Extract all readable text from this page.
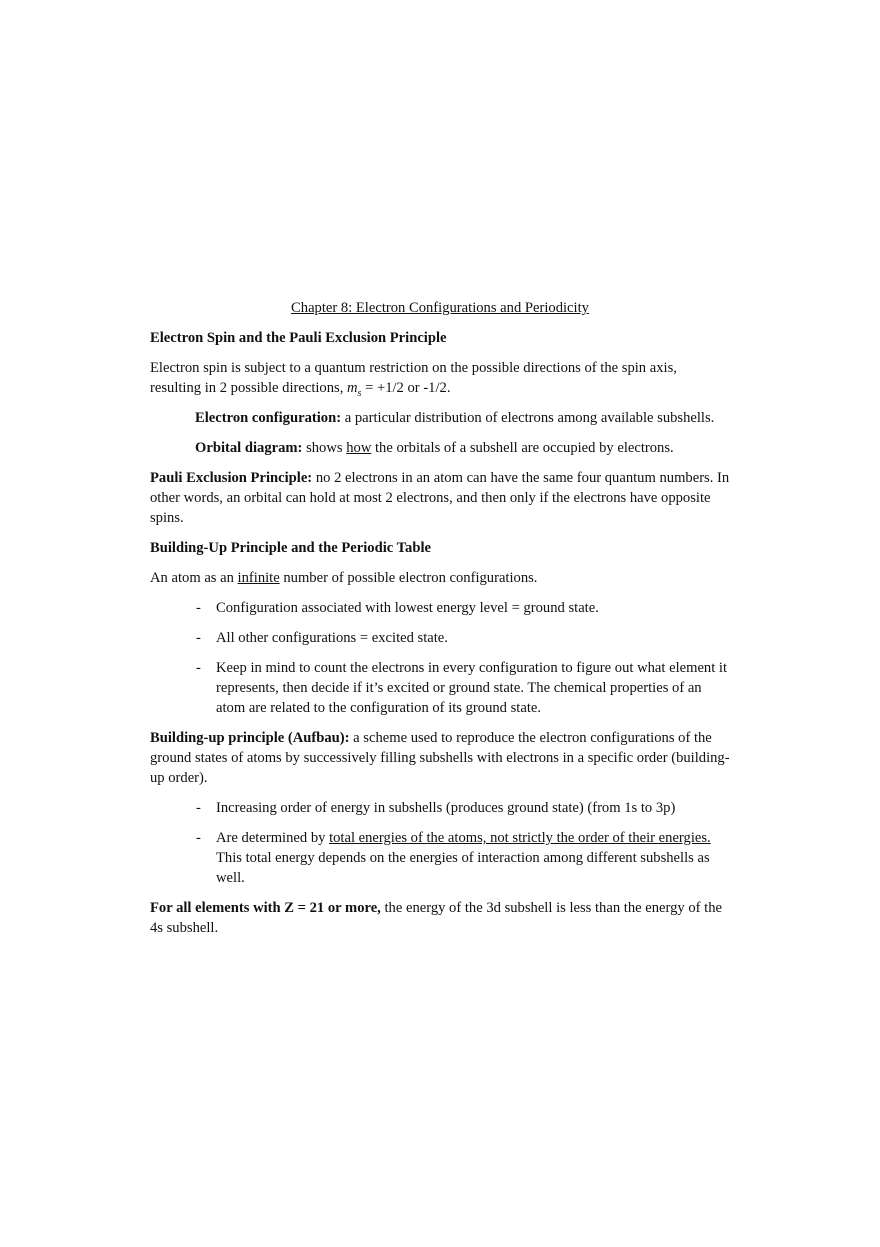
Chapter 8: Electron Configurations and Periodicity
Electron Spin and the Pauli Exclusion Principle

Electron spin is subject to a quantum restriction on the possible directions of the spin axis, resulting in 2 possible directions, $m_s = +1/2$ or -1/2.

Electron configuration: a particular distribution of electrons among available subshells.

Orbital diagram: shows how the orbitals of a subshell are occupied by electrons.

Pauli Exclusion Principle: no 2 electrons in an atom can have the same four quantum numbers. In other words, an orbital can hold at most 2 electrons, and then only if the electrons have opposite spins.

Building-Up Principle and the Periodic Table

An atom as an infinite number of possible electron configurations.

- Configuration associated with lowest energy level = ground state.
- All other configurations = excited state.
- Keep in mind to count the electrons in every configuration to figure out what element it represents, then decide if it’s excited or ground state. The chemical properties of an atom are related to the configuration of its ground state.

Building-up principle (Aufbau): a scheme used to reproduce the electron configurations of the ground states of atoms by successively filling subshells with electrons in a specific order (building-up order).

- Increasing order of energy in subshells (produces ground state) (from 1s to 3p)
- Are determined by total energies of the atoms, not strictly the order of their energies. This total energy depends on the energies of interaction among different subshells as well.

For all elements with Z = 21 or more, the energy of the 3d subshell is less than the energy of the 4s subshell.
